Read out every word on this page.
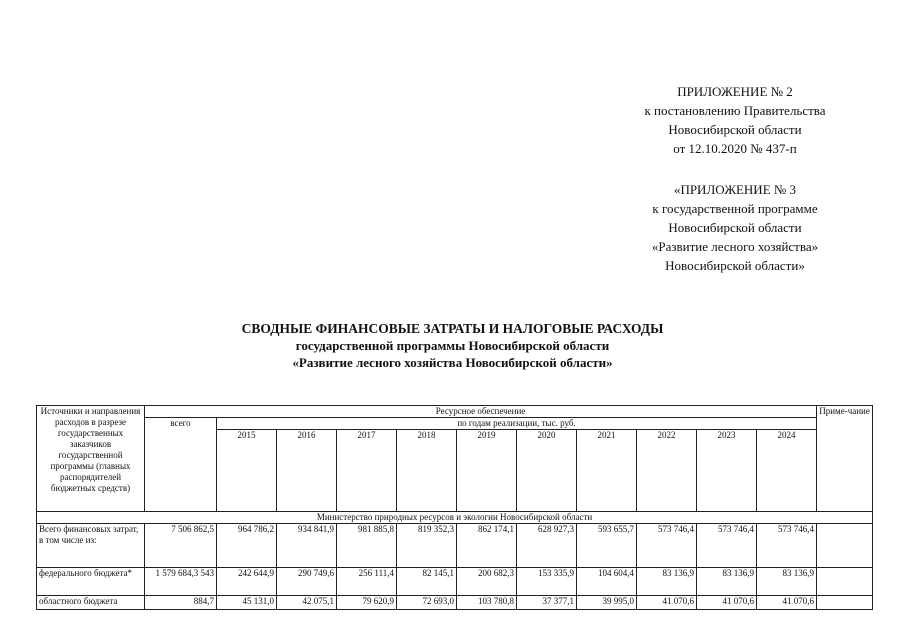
ПРИЛОЖЕНИЕ № 2
к постановлению Правительства
Новосибирской области
от 12.10.2020 № 437-п
«ПРИЛОЖЕНИЕ № 3
к государственной программе
Новосибирской области
«Развитие лесного хозяйства»
Новосибирской области»
СВОДНЫЕ ФИНАНСОВЫЕ ЗАТРАТЫ И НАЛОГОВЫЕ РАСХОДЫ
государственной программы Новосибирской области
«Развитие лесного хозяйства Новосибирской области»
Источники и направления расходов в разрезе государственных заказчиков государственной программы (главных распорядителей бюджетных средств)	Ресурсное обеспечение											Приме-чание
	всего	по годам реализации, тыс. руб.										
		2015	2016	2017	2018	2019	2020	2021	2022	2023	2024	
Министерство природных ресурсов и экологии Новосибирской области												
Всего финансовых затрат, в том числе из:	7 506 862,5	964 786,2	934 841,9	981 885,8	819 352,3	862 174,1	628 927,3	593 655,7	573 746,4	573 746,4	573 746,4	
федерального бюджета*	1 579 684,3 543	242 644,9	290 749,6	256 111,4	82 145,1	200 682,3	153 335,9	104 604,4	83 136,9	83 136,9	83 136,9	
областного бюджета	884,7	45 131,0	42 075,1	79 620,9	72 693,0	103 780,8	37 377,1	39 995,0	41 070,6	41 070,6	41 070,6	
